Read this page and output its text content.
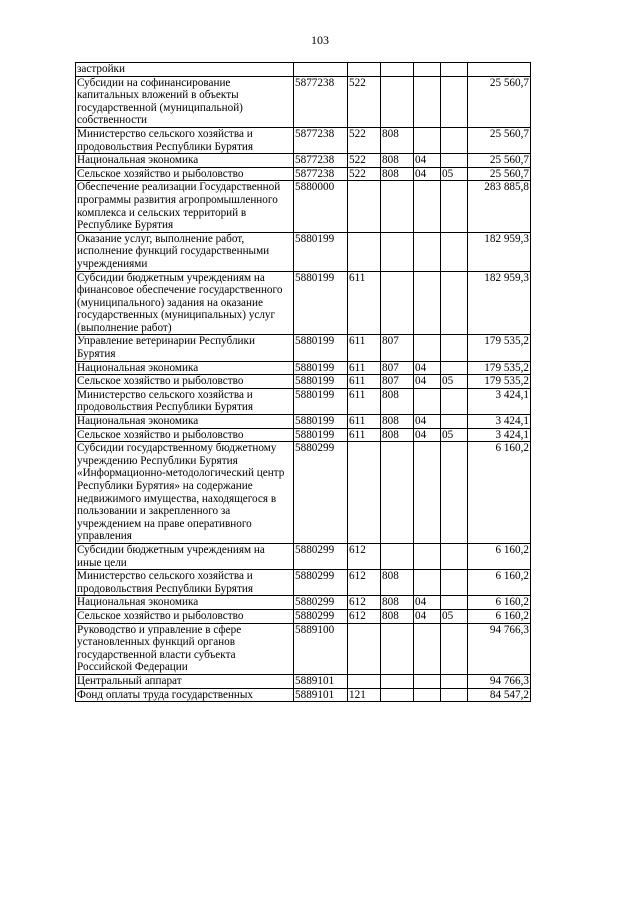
103
застройки						
Субсидии на софинансирование капитальных вложений в объекты государственной (муниципальной) собственности	5877238	522				25 560,7
Министерство сельского хозяйства и продовольствия Республики Бурятия	5877238	522	808			25 560,7
Национальная экономика	5877238	522	808	04		25 560,7
Сельское хозяйство и рыболовство	5877238	522	808	04	05	25 560,7
Обеспечение реализации Государственной программы развития агропромышленного комплекса и сельских территорий в Республике Бурятия	5880000					283 885,8
Оказание услуг, выполнение работ, исполнение функций государственными учреждениями	5880199					182 959,3
Субсидии бюджетным учреждениям на финансовое обеспечение государственного (муниципального) задания на оказание государственных (муниципальных) услуг (выполнение работ)	5880199	611				182 959,3
Управление ветеринарии Республики Бурятия	5880199	611	807			179 535,2
Национальная экономика	5880199	611	807	04		179 535,2
Сельское хозяйство и рыболовство	5880199	611	807	04	05	179 535,2
Министерство сельского хозяйства и продовольствия Республики Бурятия	5880199	611	808			3 424,1
Национальная экономика	5880199	611	808	04		3 424,1
Сельское хозяйство и рыболовство	5880199	611	808	04	05	3 424,1
Субсидии государственному бюджетному учреждению Республики Бурятия «Информационно-методологический центр Республики Бурятия» на содержание недвижимого имущества, находящегося в пользовании и закрепленного за учреждением на праве оперативного управления	5880299					6 160,2
Субсидии бюджетным учреждениям на иные цели	5880299	612				6 160,2
Министерство сельского хозяйства и продовольствия Республики Бурятия	5880299	612	808			6 160,2
Национальная экономика	5880299	612	808	04		6 160,2
Сельское хозяйство и рыболовство	5880299	612	808	04	05	6 160,2
Руководство и управление в сфере установленных функций органов государственной власти субъекта Российской Федерации	5889100					94 766,3
Центральный аппарат	5889101					94 766,3
Фонд оплаты труда государственных	5889101	121				84 547,2
